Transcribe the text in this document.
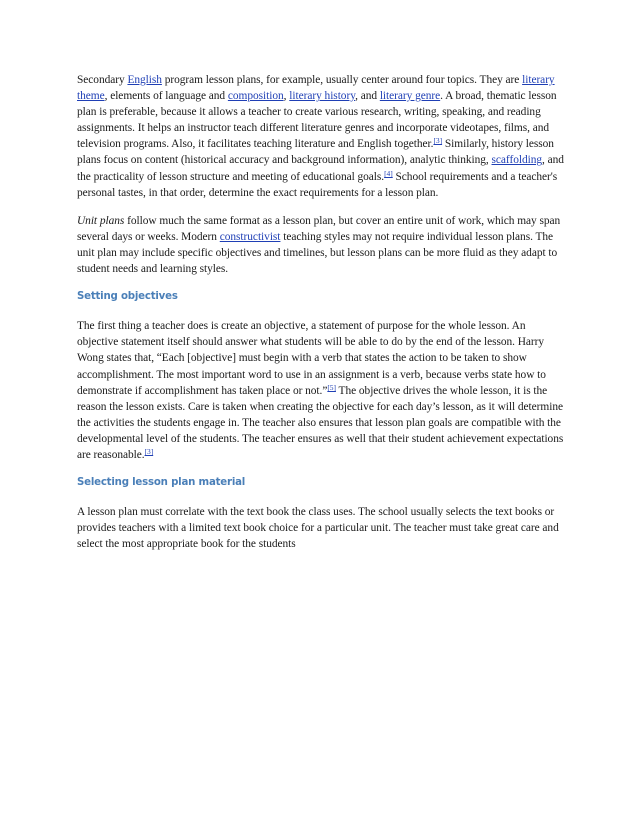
Secondary English program lesson plans, for example, usually center around four topics. They are literary theme, elements of language and composition, literary history, and literary genre. A broad, thematic lesson plan is preferable, because it allows a teacher to create various research, writing, speaking, and reading assignments. It helps an instructor teach different literature genres and incorporate videotapes, films, and television programs. Also, it facilitates teaching literature and English together.[3] Similarly, history lesson plans focus on content (historical accuracy and background information), analytic thinking, scaffolding, and the practicality of lesson structure and meeting of educational goals.[4] School requirements and a teacher's personal tastes, in that order, determine the exact requirements for a lesson plan.

Unit plans follow much the same format as a lesson plan, but cover an entire unit of work, which may span several days or weeks. Modern constructivist teaching styles may not require individual lesson plans. The unit plan may include specific objectives and timelines, but lesson plans can be more fluid as they adapt to student needs and learning styles.

Setting objectives

The first thing a teacher does is create an objective, a statement of purpose for the whole lesson. An objective statement itself should answer what students will be able to do by the end of the lesson. Harry Wong states that, “Each [objective] must begin with a verb that states the action to be taken to show accomplishment. The most important word to use in an assignment is a verb, because verbs state how to demonstrate if accomplishment has taken place or not.”[5] The objective drives the whole lesson, it is the reason the lesson exists. Care is taken when creating the objective for each day’s lesson, as it will determine the activities the students engage in. The teacher also ensures that lesson plan goals are compatible with the developmental level of the students. The teacher ensures as well that their student achievement expectations are reasonable.[3]

Selecting lesson plan material

A lesson plan must correlate with the text book the class uses. The school usually selects the text books or provides teachers with a limited text book choice for a particular unit. The teacher must take great care and select the most appropriate book for the students
